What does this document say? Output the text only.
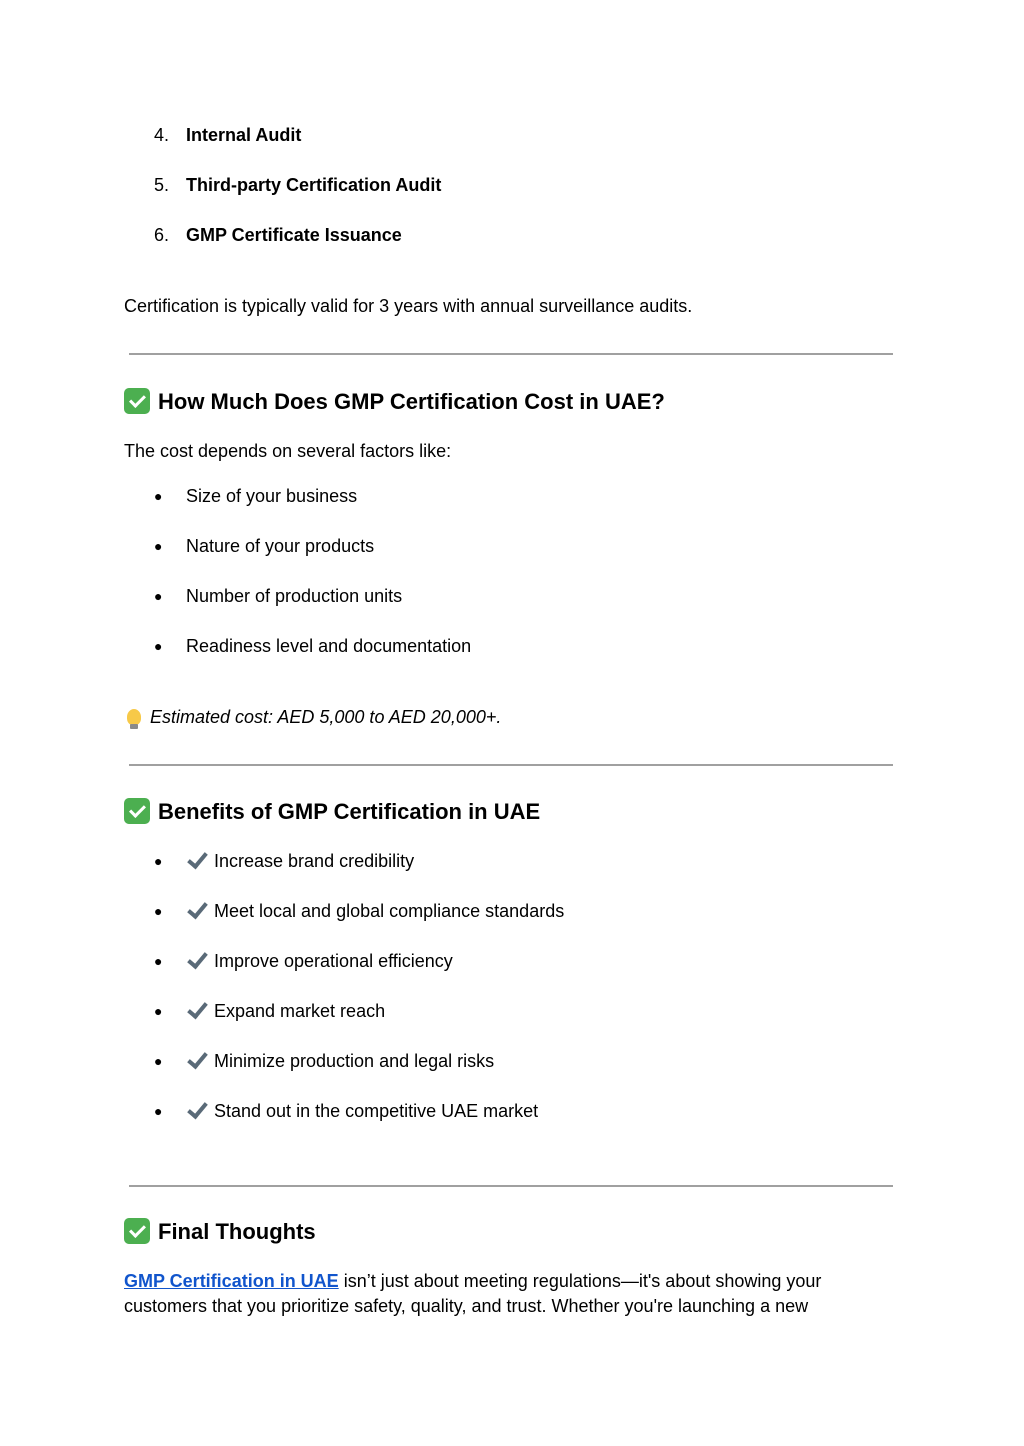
4. Internal Audit
5. Third-party Certification Audit
6. GMP Certificate Issuance
Certification is typically valid for 3 years with annual surveillance audits.
How Much Does GMP Certification Cost in UAE?
The cost depends on several factors like:
● Size of your business
● Nature of your products
● Number of production units
● Readiness level and documentation
Estimated cost: AED 5,000 to AED 20,000+.
Benefits of GMP Certification in UAE
●	Increase brand credibility
●	Meet local and global compliance standards
●	Improve operational efficiency
●	Expand market reach
●	Minimize production and legal risks
●	Stand out in the competitive UAE market
Final Thoughts
GMP Certification in UAE isn’t just about meeting regulations—it's about showing your
customers that you prioritize safety, quality, and trust. Whether you're launching a new
